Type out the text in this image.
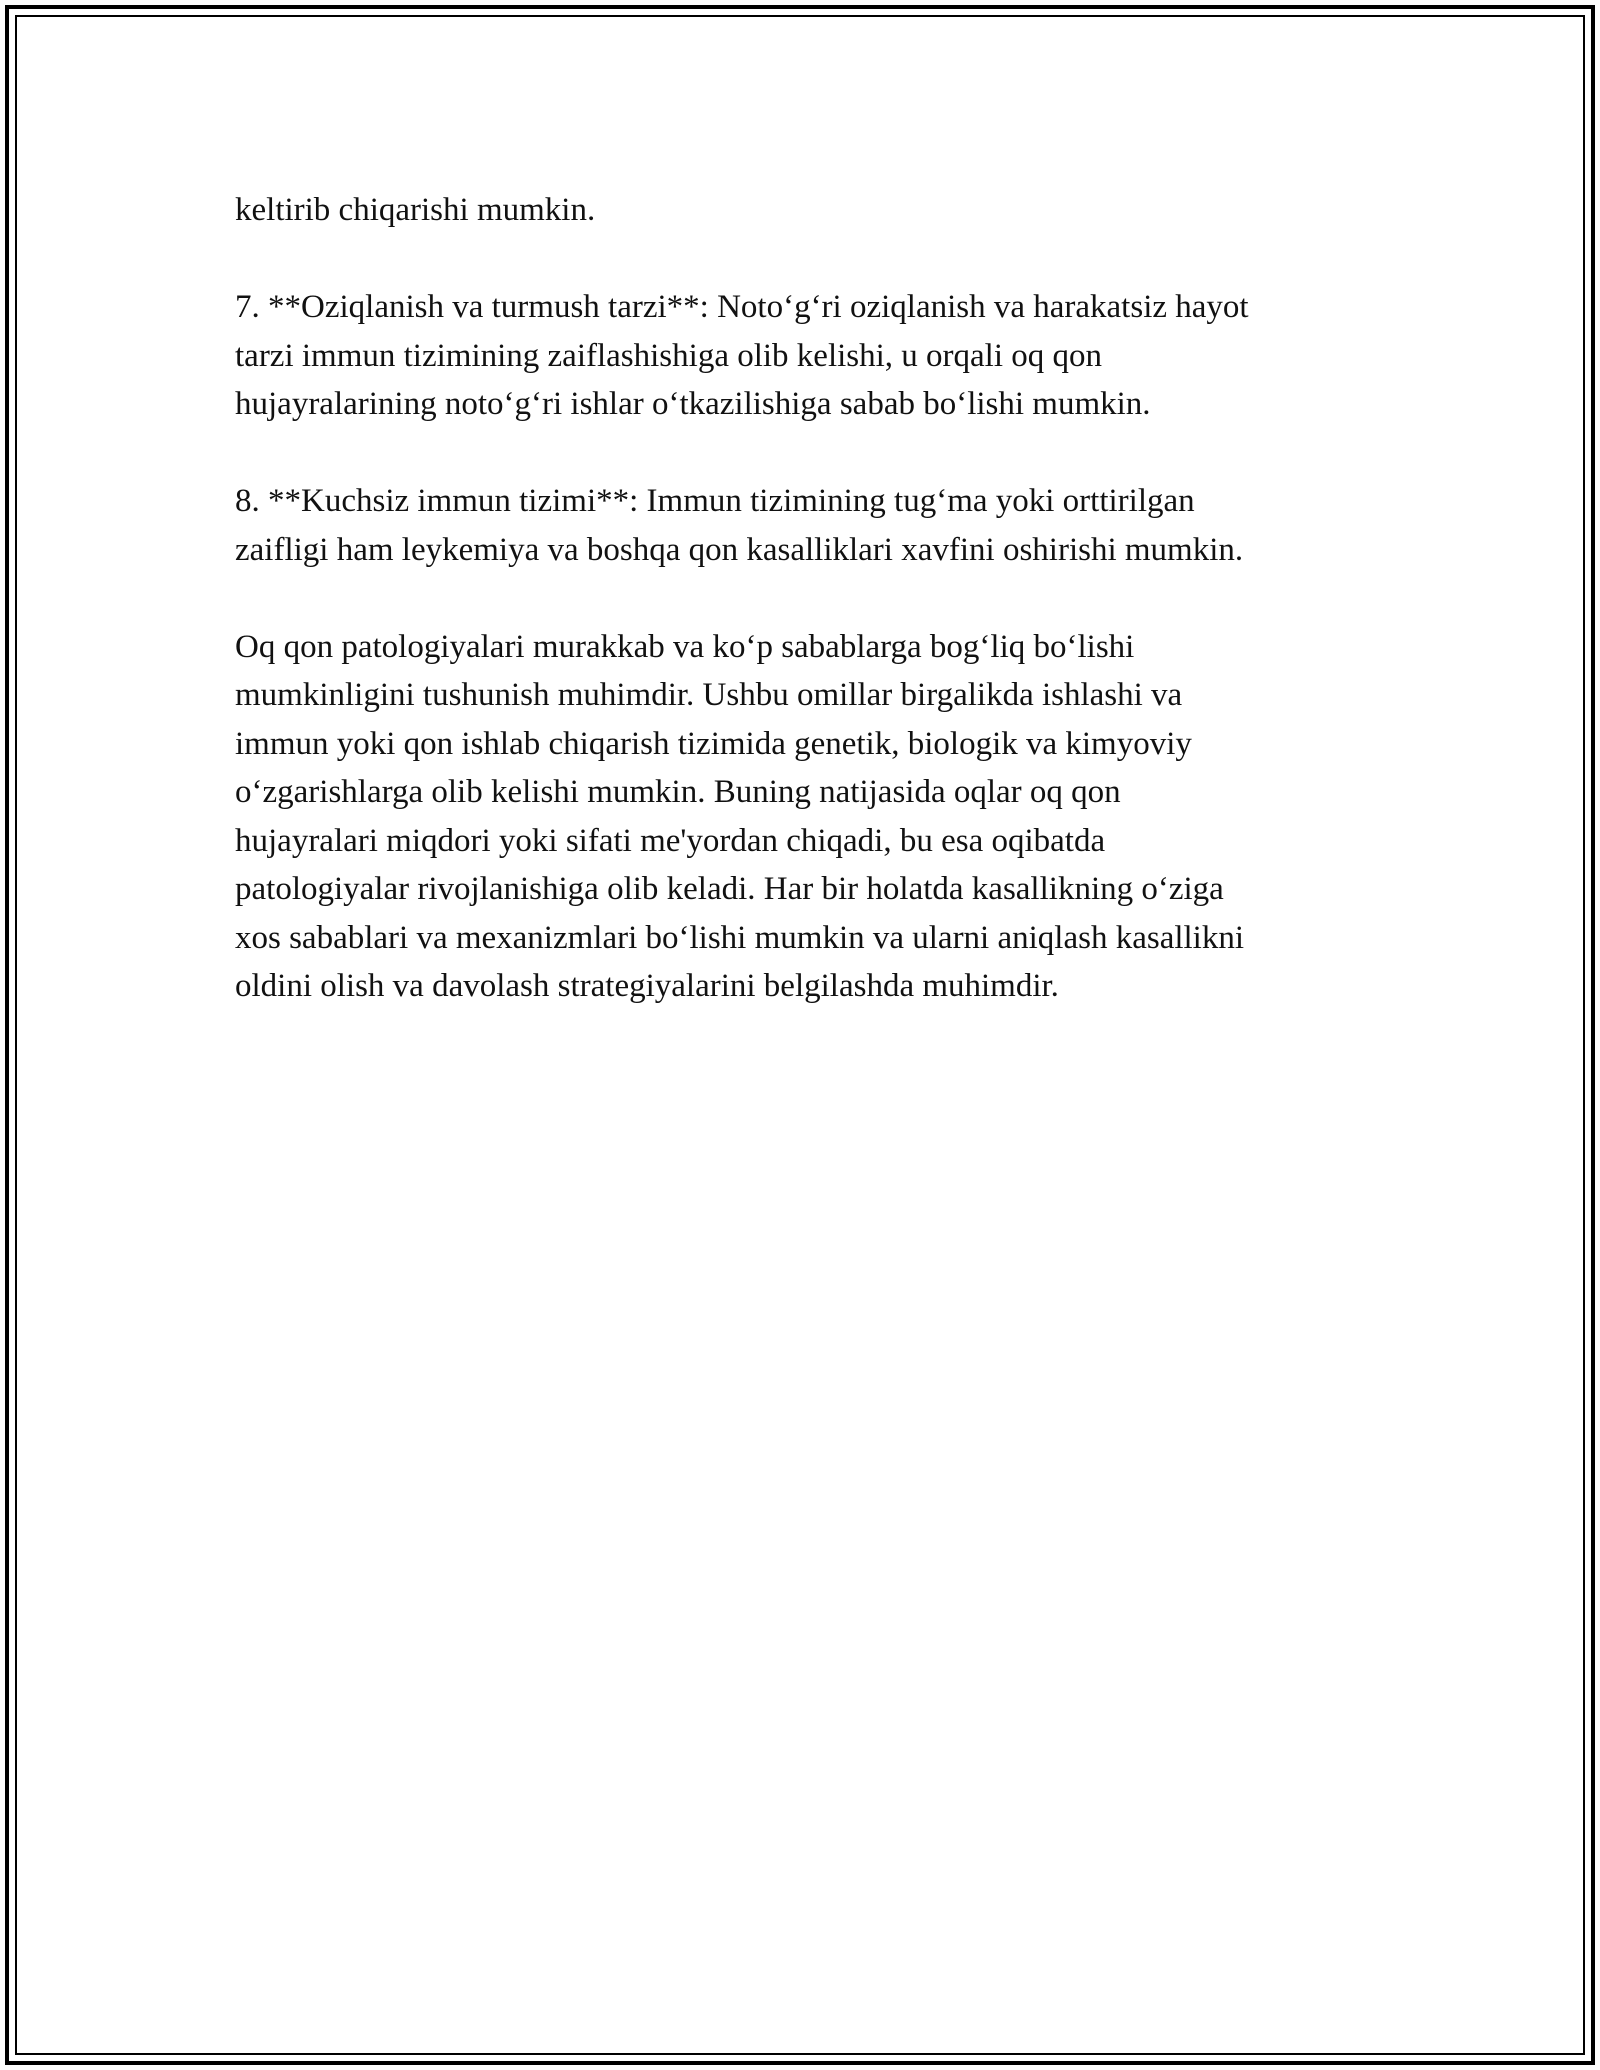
keltirib chiqarishi mumkin.

7. **Oziqlanish va turmush tarzi**: Noto‘g‘ri oziqlanish va harakatsiz hayot
tarzi immun tizimining zaiflashishiga olib kelishi, u orqali oq qon
hujayralarining noto‘g‘ri ishlar o‘tkazilishiga sabab bo‘lishi mumkin.

8. **Kuchsiz immun tizimi**: Immun tizimining tug‘ma yoki orttirilgan
zaifligi ham leykemiya va boshqa qon kasalliklari xavfini oshirishi mumkin.

Oq qon patologiyalari murakkab va ko‘p sabablarga bog‘liq bo‘lishi
mumkinligini tushunish muhimdir. Ushbu omillar birgalikda ishlashi va
immun yoki qon ishlab chiqarish tizimida genetik, biologik va kimyoviy
o‘zgarishlarga olib kelishi mumkin. Buning natijasida oqlar oq qon
hujayralari miqdori yoki sifati me'yordan chiqadi, bu esa oqibatda
patologiyalar rivojlanishiga olib keladi. Har bir holatda kasallikning o‘ziga
xos sabablari va mexanizmlari bo‘lishi mumkin va ularni aniqlash kasallikni
oldini olish va davolash strategiyalarini belgilashda muhimdir.
